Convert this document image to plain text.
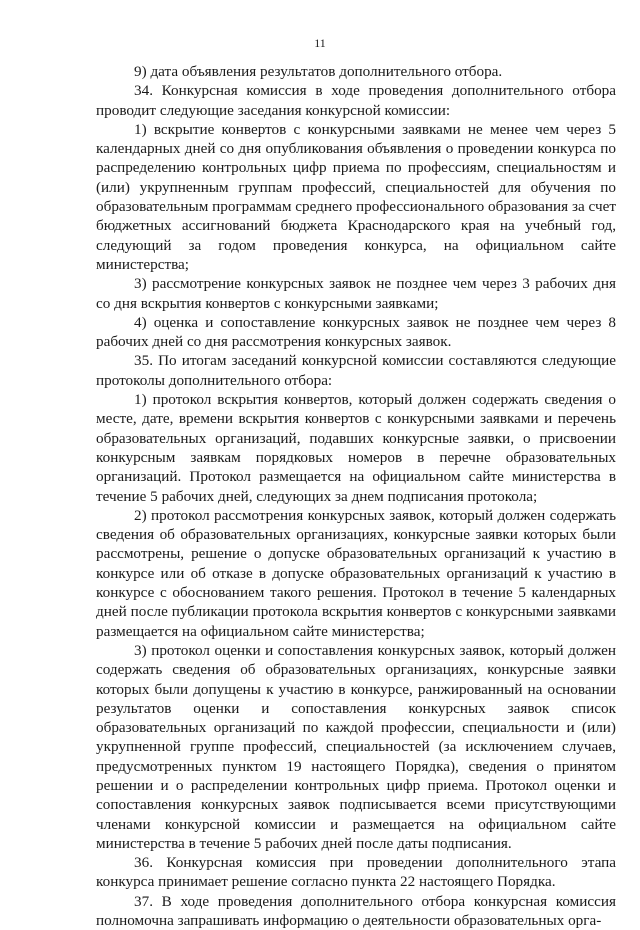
11

9) дата объявления результатов дополнительного отбора.

34. Конкурсная комиссия в ходе проведения дополнительного отбора проводит следующие заседания конкурсной комиссии:

1) вскрытие конвертов с конкурсными заявками не менее чем через 5 календарных дней со дня опубликования объявления о проведении конкурса по распределению контрольных цифр приема по профессиям, специальностям и (или) укрупненным группам профессий, специальностей для обучения по образовательным программам среднего профессионального образования за счет бюджетных ассигнований бюджета Краснодарского края на учебный год, следующий за годом проведения конкурса, на официальном сайте министерства;

3) рассмотрение конкурсных заявок не позднее чем через 3 рабочих дня со дня вскрытия конвертов с конкурсными заявками;

4) оценка и сопоставление конкурсных заявок не позднее чем через 8 рабочих дней со дня рассмотрения конкурсных заявок.

35. По итогам заседаний конкурсной комиссии составляются следующие протоколы дополнительного отбора:

1) протокол вскрытия конвертов, который должен содержать сведения о месте, дате, времени вскрытия конвертов с конкурсными заявками и перечень образовательных организаций, подавших конкурсные заявки, о присвоении конкурсным заявкам порядковых номеров в перечне образовательных организаций. Протокол размещается на официальном сайте министерства в течение 5 рабочих дней, следующих за днем подписания протокола;

2) протокол рассмотрения конкурсных заявок, который должен содержать сведения об образовательных организациях, конкурсные заявки которых были рассмотрены, решение о допуске образовательных организаций к участию в конкурсе или об отказе в допуске образовательных организаций к участию в конкурсе с обоснованием такого решения. Протокол в течение 5 календарных дней после публикации протокола вскрытия конвертов с конкурсными заявками размещается на официальном сайте министерства;

3) протокол оценки и сопоставления конкурсных заявок, который должен содержать сведения об образовательных организациях, конкурсные заявки которых были допущены к участию в конкурсе, ранжированный на основании результатов оценки и сопоставления конкурсных заявок список образовательных организаций по каждой профессии, специальности и (или) укрупненной группе профессий, специальностей (за исключением случаев, предусмотренных пунктом 19 настоящего Порядка), сведения о принятом решении и о распределении контрольных цифр приема. Протокол оценки и сопоставления конкурсных заявок подписывается всеми присутствующими членами конкурсной комиссии и размещается на официальном сайте министерства в течение 5 рабочих дней после даты подписания.

36. Конкурсная комиссия при проведении дополнительного этапа конкурса принимает решение согласно пункта 22 настоящего Порядка.

37. В ходе проведения дополнительного отбора конкурсная комиссия полномочна запрашивать информацию о деятельности образовательных орга-
